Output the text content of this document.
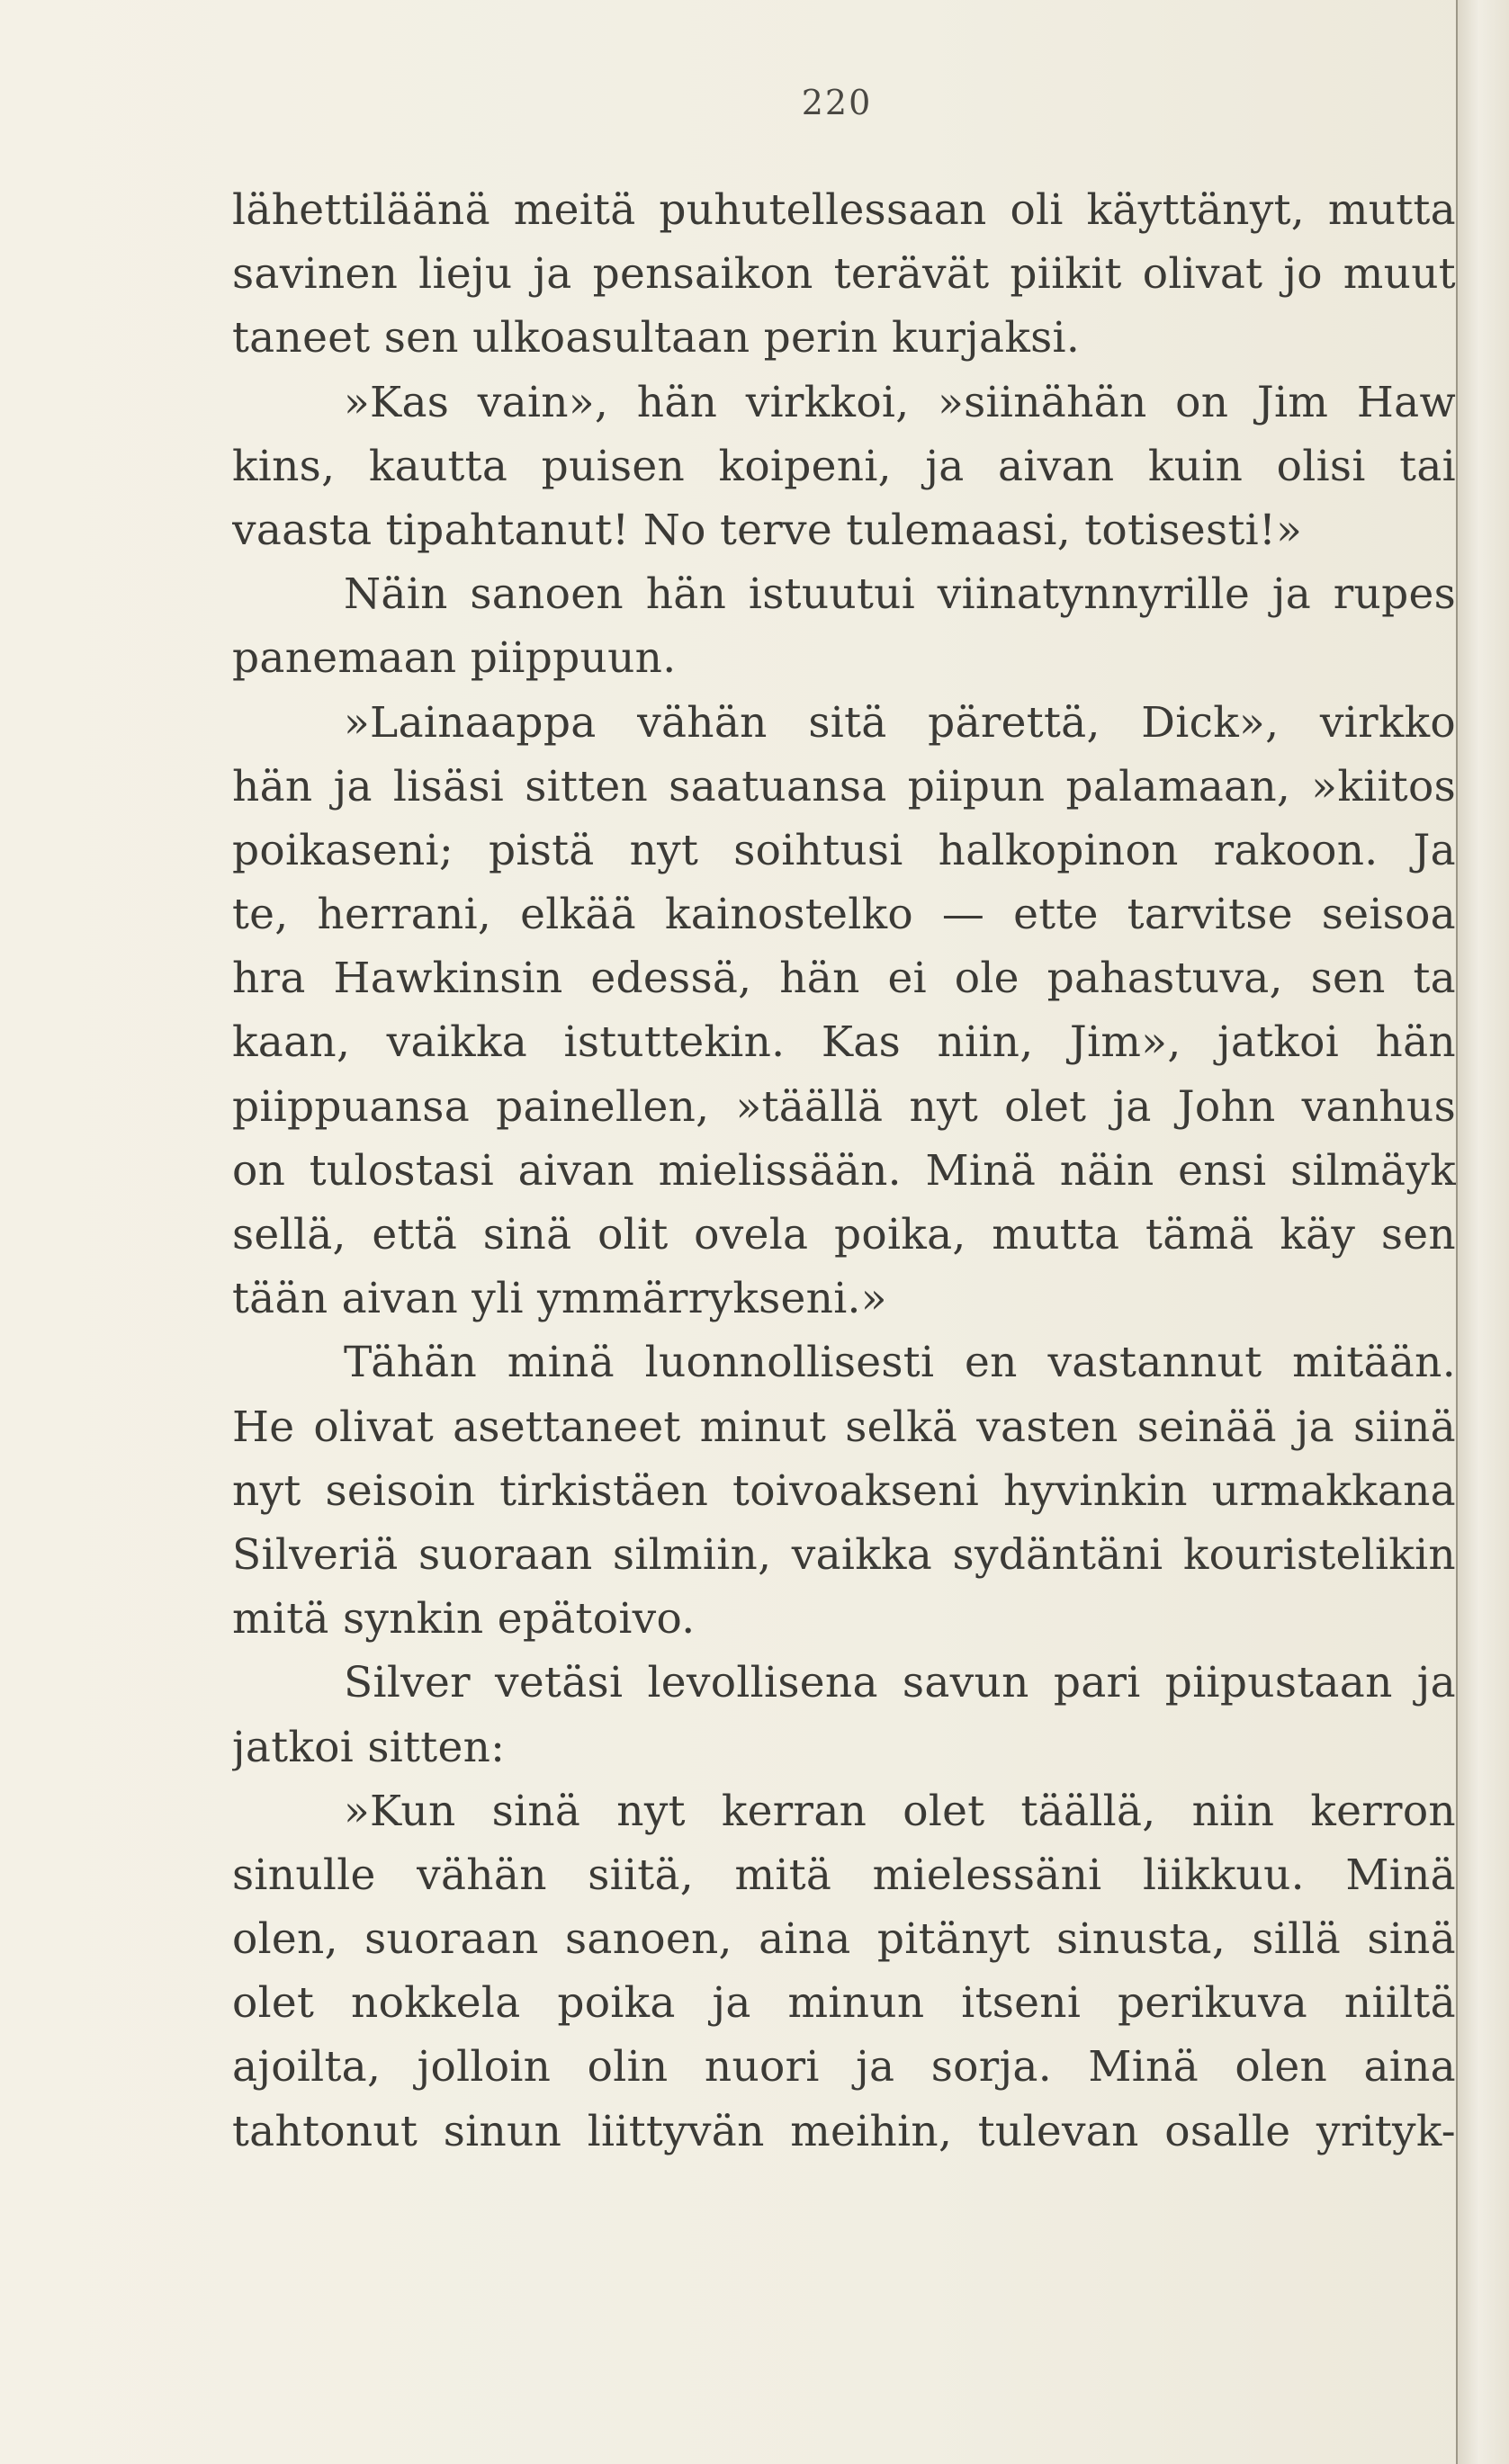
220
lähettiläänä meitä puhutellessaan oli käyttänyt, mutta
savinen lieju ja pensaikon terävät piikit olivat jo muut
taneet sen ulkoasultaan perin kurjaksi.
»Kas vain», hän virkkoi, »siinähän on Jim Haw
kins, kautta puisen koipeni, ja aivan kuin olisi tai
vaasta tipahtanut! No terve tulemaasi, totisesti!»
Näin sanoen hän istuutui viinatynnyrille ja rupes
panemaan piippuun.
»Lainaappa vähän sitä pärettä, Dick», virkko
hän ja lisäsi sitten saatuansa piipun palamaan, »kiitos
poikaseni; pistä nyt soihtusi halkopinon rakoon. Ja
te, herrani, elkää kainostelko — ette tarvitse seisoa
hra Hawkinsin edessä, hän ei ole pahastuva, sen ta
kaan, vaikka istuttekin. Kas niin, Jim», jatkoi hän
piippuansa painellen, »täällä nyt olet ja John vanhus
on tulostasi aivan mielissään. Minä näin ensi silmäyk
sellä, että sinä olit ovela poika, mutta tämä käy sen
tään aivan yli ymmärrykseni.»
Tähän minä luonnollisesti en vastannut mitään.
He olivat asettaneet minut selkä vasten seinää ja siinä
nyt seisoin tirkistäen toivoakseni hyvinkin urmakkana
Silveriä suoraan silmiin, vaikka sydäntäni kouristelikin
mitä synkin epätoivo.
Silver vetäsi levollisena savun pari piipustaan ja
jatkoi sitten:
»Kun sinä nyt kerran olet täällä, niin kerron
sinulle vähän siitä, mitä mielessäni liikkuu. Minä
olen, suoraan sanoen, aina pitänyt sinusta, sillä sinä
olet nokkela poika ja minun itseni perikuva niiltä
ajoilta, jolloin olin nuori ja sorja. Minä olen aina
tahtonut sinun liittyvän meihin, tulevan osalle yrityk-
